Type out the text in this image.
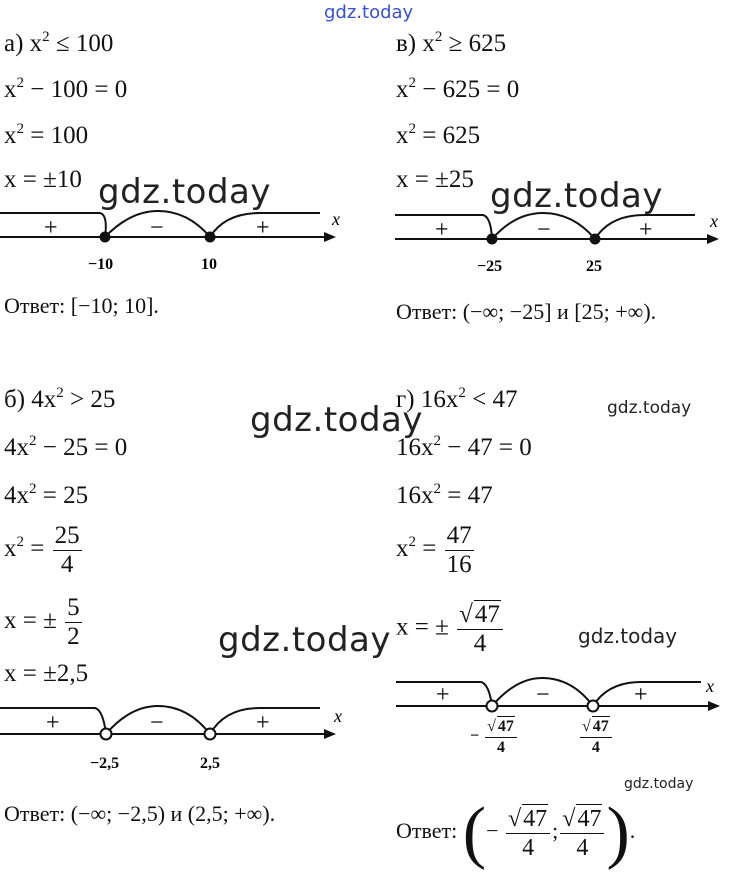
а) $x^2 \le 100$
$x^2 - 100 = 0$
$x^2 = 100$
x = ±10
+	−	+
−10	10
x
Ответ: [−10; 10].
в) $x^2 \ge 625$
$x^2 - 625 = 0$
$x^2 = 625$
x = ±25
+	−	+
−25	25
x
Ответ: (−∞; −25] и [25; +∞).
б) $4x^2 > 25$
$4x^2 - 25 = 0$
$4x^2 = 25$
$x^2 = \frac{25}{4}$
x = ± $\frac{5}{2}$
x = ±2,5
+	−	+
−2,5	2,5
x
Ответ: (−∞; −2,5) и (2,5; +∞).
г) $16x^2 < 47$
$16x^2 - 47 = 0$
$16x^2 = 47$
$x^2 = \frac{47}{16}$
x = ± $\frac{√47}{4}$
+	−	+	x
− $\frac{√ 47}{4}$	$\frac{√ 47}{4}$
Ответ: (− $\frac{√47}{4}$ ; $\frac{√47}{4}$ ).
gdz.today
gdz.today	gdz.today
gdz.today	gdz.today
gdz.today	gdz.today
gdz.today
